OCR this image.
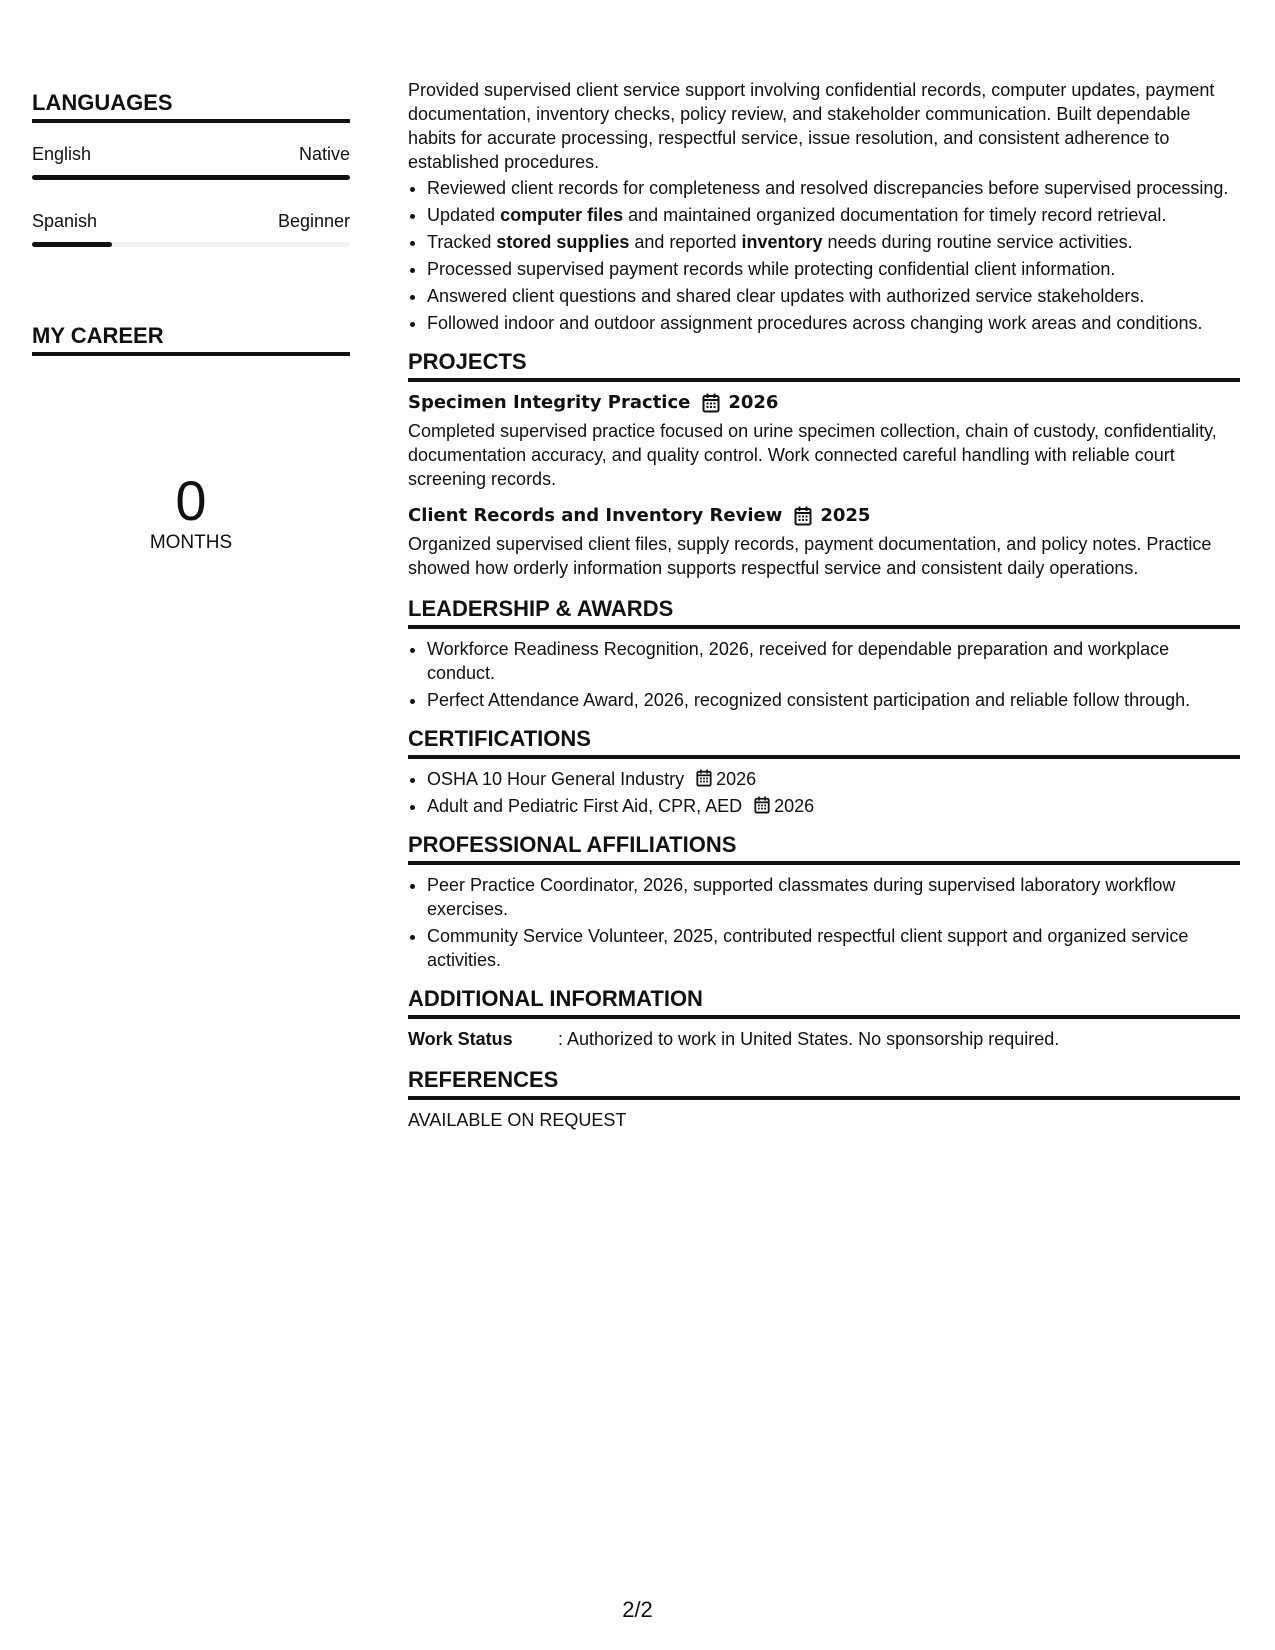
LANGUAGES
English	Native
Spanish	Beginner
MY CAREER
0
MONTHS

Provided supervised client service support involving confidential records, computer updates, payment documentation, inventory checks, policy review, and stakeholder communication. Built dependable habits for accurate processing, respectful service, issue resolution, and consistent adherence to established procedures.

• Reviewed client records for completeness and resolved discrepancies before supervised processing.
• Updated computer files and maintained organized documentation for timely record retrieval.
• Tracked stored supplies and reported inventory needs during routine service activities.
• Processed supervised payment records while protecting confidential client information.
• Answered client questions and shared clear updates with authorized service stakeholders.
• Followed indoor and outdoor assignment procedures across changing work areas and conditions.
PROJECTS
Specimen Integrity Practice 2026

Completed supervised practice focused on urine specimen collection, chain of custody, confidentiality, documentation accuracy, and quality control. Work connected careful handling with reliable court screening records.

Client Records and Inventory Review 2025

Organized supervised client files, supply records, payment documentation, and policy notes. Practice showed how orderly information supports respectful service and consistent daily operations.

LEADERSHIP & AWARDS
• Workforce Readiness Recognition, 2026, received for dependable preparation and workplace conduct.
• Perfect Attendance Award, 2026, recognized consistent participation and reliable follow through.
CERTIFICATIONS
• OSHA 10 Hour General Industry 2026
• Adult and Pediatric First Aid, CPR, AED 2026
PROFESSIONAL AFFILIATIONS
• Peer Practice Coordinator, 2026, supported classmates during supervised laboratory workflow exercises.
• Community Service Volunteer, 2025, contributed respectful client support and organized service activities.
ADDITIONAL INFORMATION
Work Status	: Authorized to work in United States. No sponsorship required.
REFERENCES

AVAILABLE ON REQUEST

2/2
